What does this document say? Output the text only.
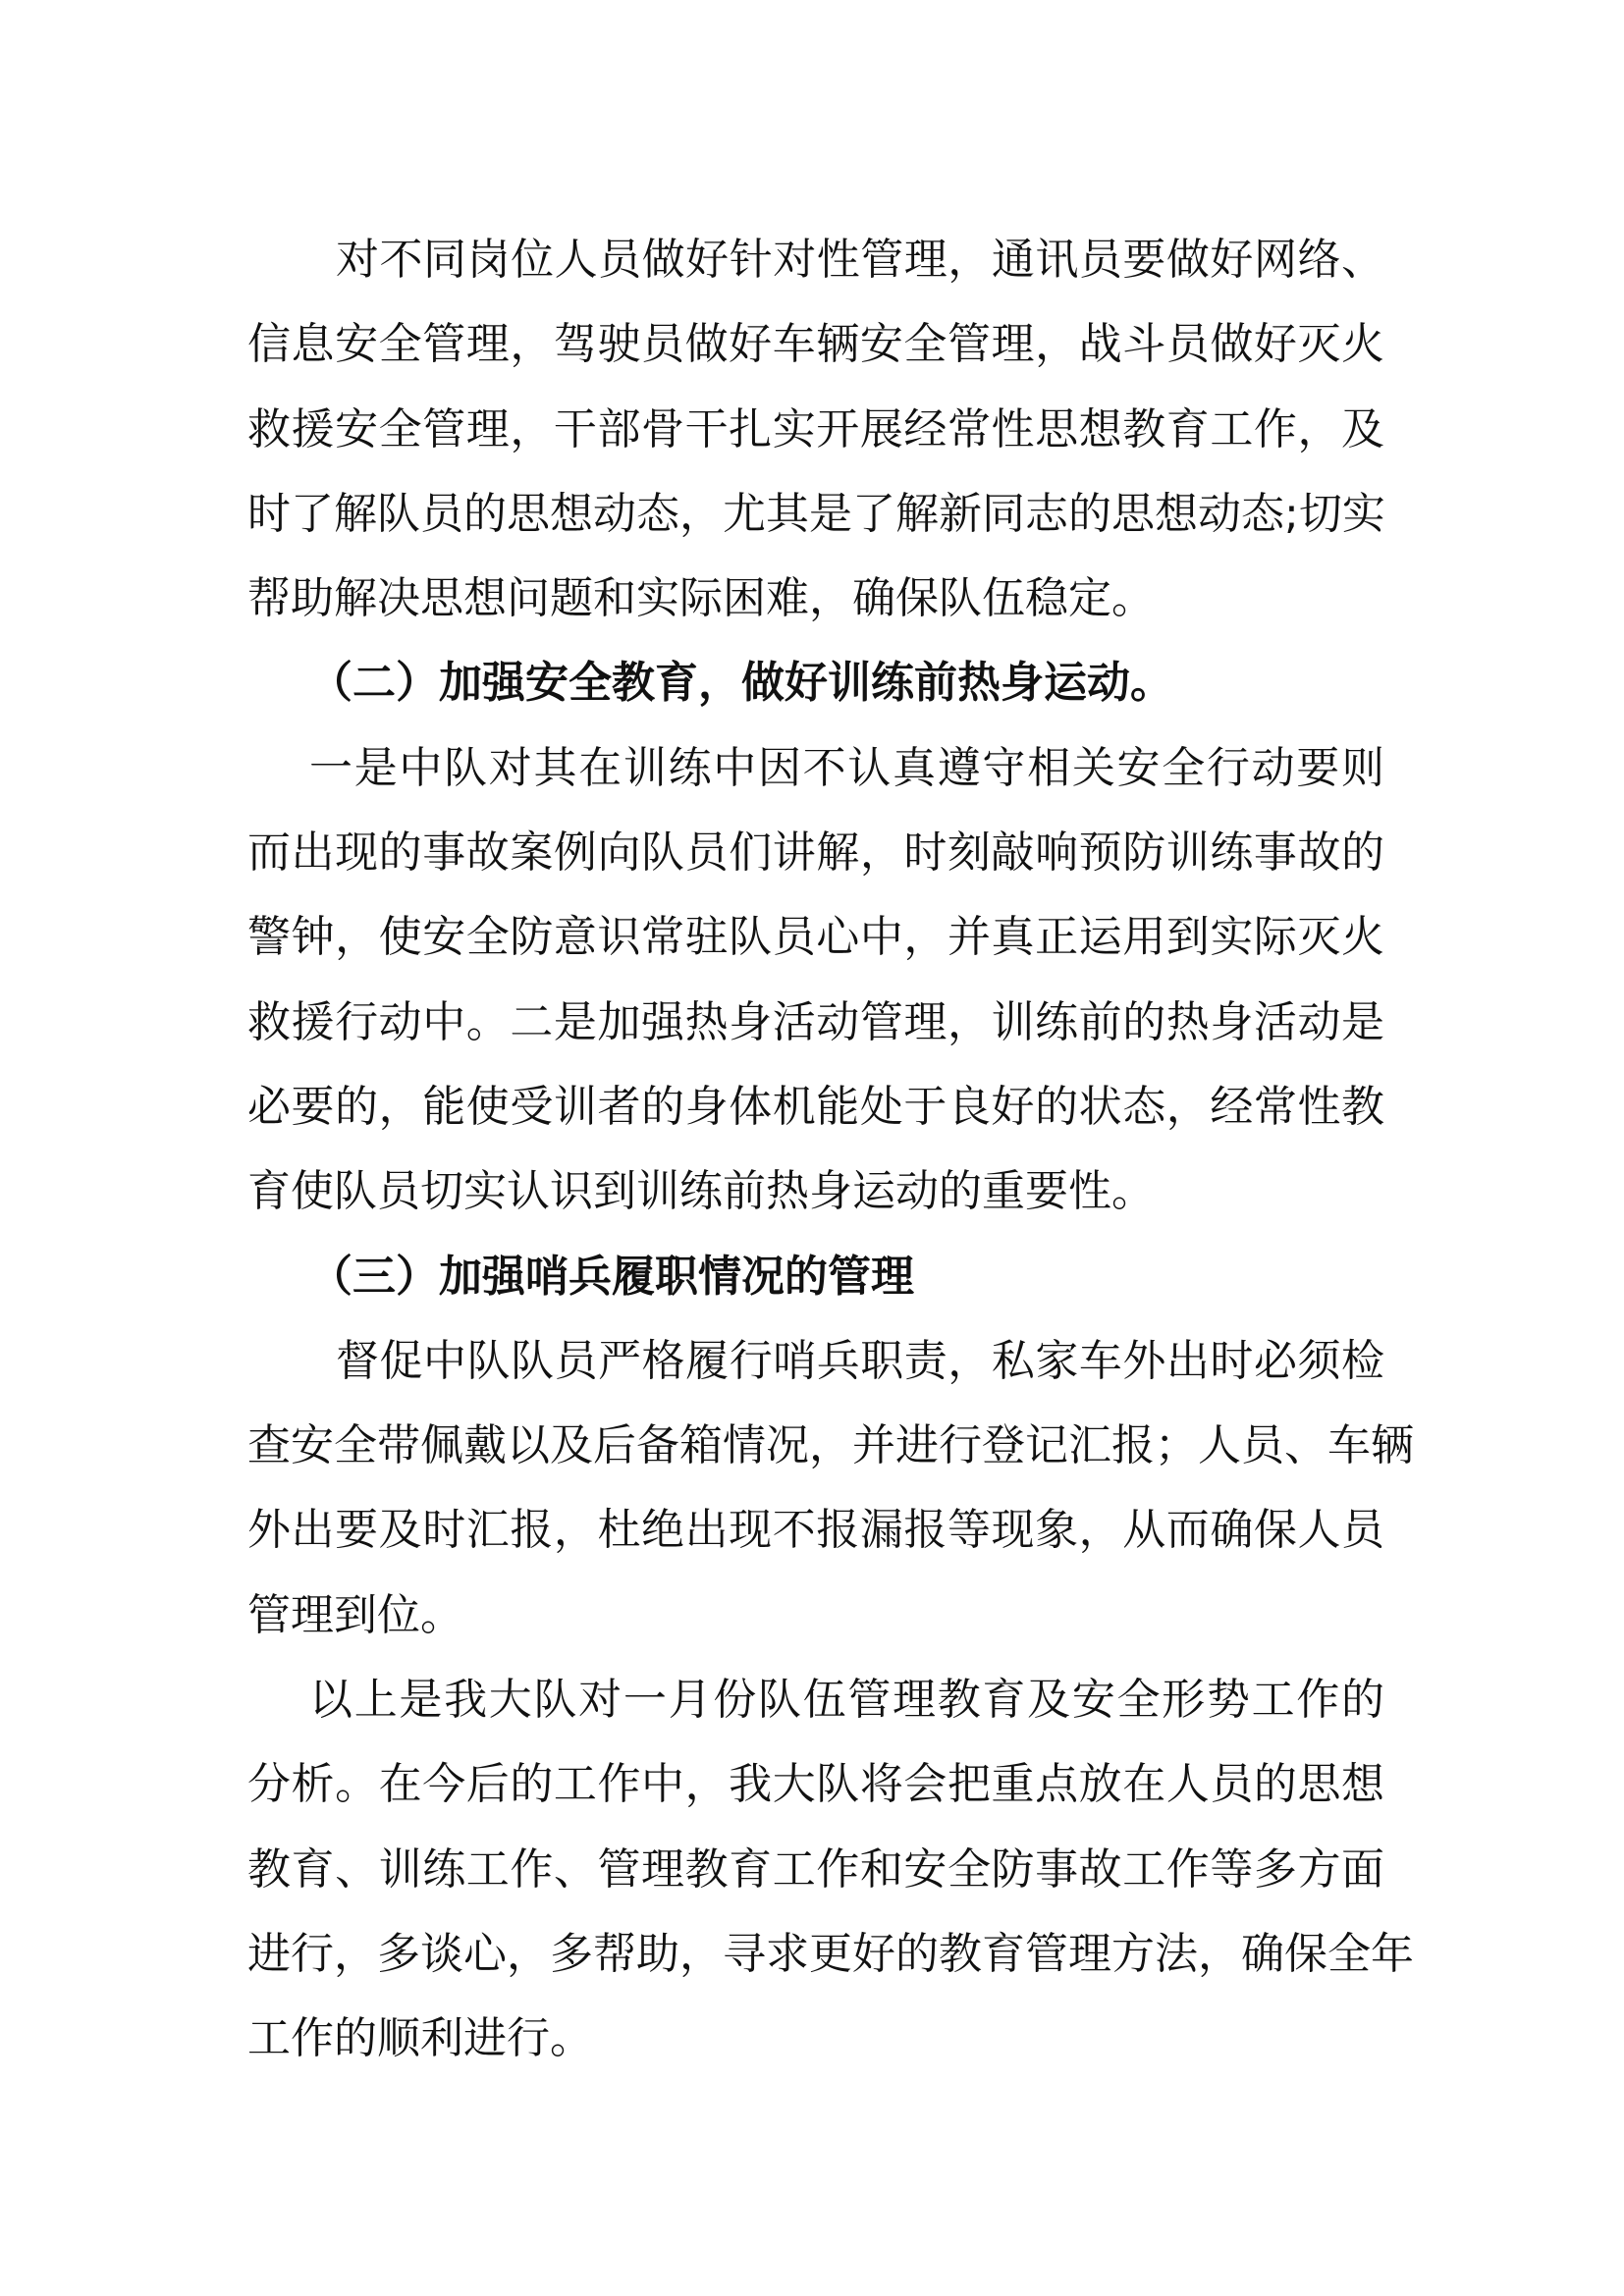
对不同岗位人员做好针对性管理，通讯员要做好网络、
信息安全管理，驾驶员做好车辆安全管理，战斗员做好灭火
救援安全管理，干部骨干扎实开展经常性思想教育工作，及
时了解队员的思想动态，尤其是了解新同志的思想动态;切实
帮助解决思想问题和实际困难，确保队伍稳定。
（二）加强安全教育，做好训练前热身运动。
一是中队对其在训练中因不认真遵守相关安全行动要则
而出现的事故案例向队员们讲解，时刻敲响预防训练事故的
警钟，使安全防意识常驻队员心中，并真正运用到实际灭火
救援行动中。二是加强热身活动管理，训练前的热身活动是
必要的，能使受训者的身体机能处于良好的状态，经常性教
育使队员切实认识到训练前热身运动的重要性。
（三）加强哨兵履职情况的管理
督促中队队员严格履行哨兵职责，私家车外出时必须检
查安全带佩戴以及后备箱情况，并进行登记汇报；人员、车辆
外出要及时汇报，杜绝出现不报漏报等现象，从而确保人员
管理到位。
以上是我大队对一月份队伍管理教育及安全形势工作的
分析。在今后的工作中，我大队将会把重点放在人员的思想
教育、训练工作、管理教育工作和安全防事故工作等多方面
进行，多谈心，多帮助，寻求更好的教育管理方法，确保全年
工作的顺利进行。
